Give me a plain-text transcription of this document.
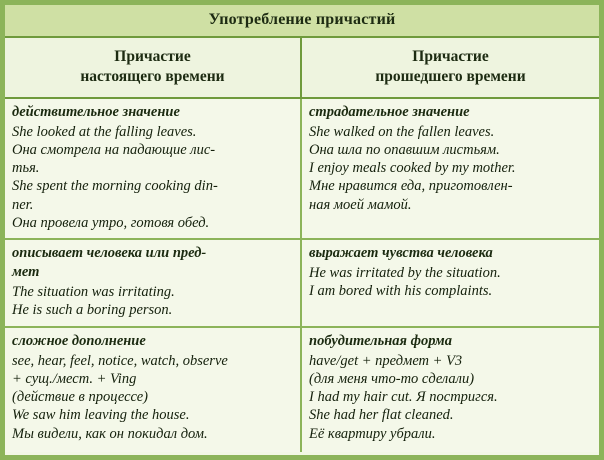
Употребление причастий
Причастие
настоящего времени
Причастие
прошедшего времени
действительное значение
She looked at the falling leaves.
Она смотрела на падающие лис-
тья.
She spent the morning cooking din-
ner.
Она провела утро, готовя обед.
страдательное значение
She walked on the fallen leaves.
Она шла по опавшим листьям.
I enjoy meals cooked by my mother.
Мне нравится еда, приготовлен-
ная моей мамой.
описывает человека или пред-
мет
The situation was irritating.
He is such a boring person.
выражает чувства человека
He was irritated by the situation.
I am bored with his complaints.
сложное дополнение
see, hear, feel, notice, watch, observe
+ сущ./мест. + Ving
(действие в процессе)
We saw him leaving the house.
Мы видели, как он покидал дом.
побудительная форма
have/get + предмет + V3
(для меня что-то сделали)
I had my hair cut. Я постригся.
She had her flat cleaned.
Её квартиру убрали.
